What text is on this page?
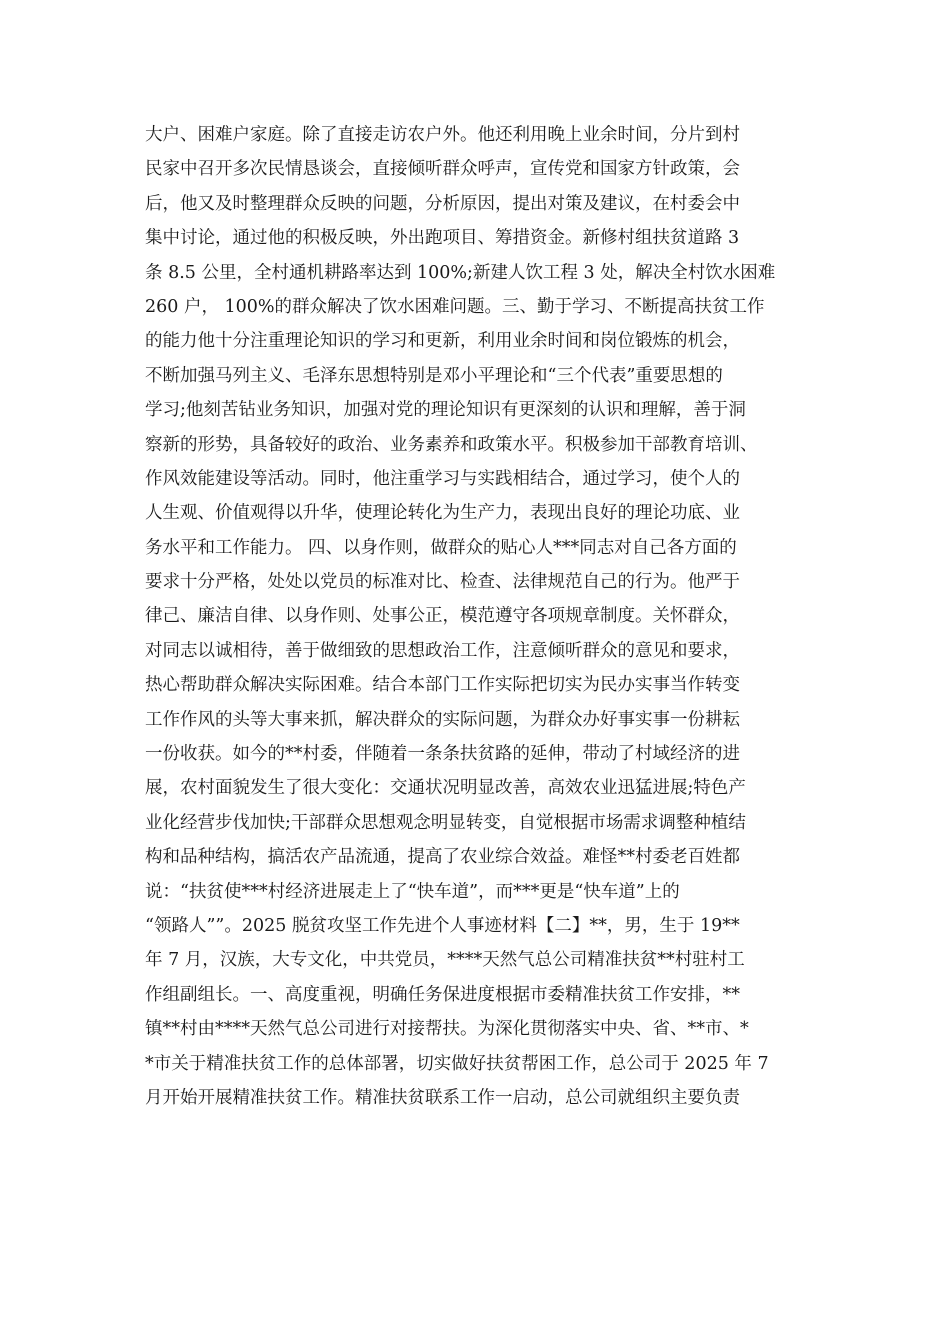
大户、困难户家庭。除了直接走访农户外。他还利用晚上业余时间，分片到村
民家中召开多次民情恳谈会，直接倾听群众呼声，宣传党和国家方针政策，会
后，他又及时整理群众反映的问题，分析原因，提出对策及建议，在村委会中
集中讨论，通过他的积极反映，外出跑项目、筹措资金。新修村组扶贫道路 3
条 8.5 公里，全村通机耕路率达到 100%;新建人饮工程 3 处，解决全村饮水困难
260 户， 100%的群众解决了饮水困难问题。三、勤于学习、不断提高扶贫工作
的能力他十分注重理论知识的学习和更新，利用业余时间和岗位锻炼的机会，
不断加强马列主义、毛泽东思想特别是邓小平理论和“三个代表”重要思想的
学习;他刻苦钻业务知识，加强对党的理论知识有更深刻的认识和理解，善于洞
察新的形势，具备较好的政治、业务素养和政策水平。积极参加干部教育培训、
作风效能建设等活动。同时，他注重学习与实践相结合，通过学习，使个人的
人生观、价值观得以升华，使理论转化为生产力，表现出良好的理论功底、业
务水平和工作能力。 四、以身作则，做群众的贴心人***同志对自己各方面的
要求十分严格，处处以党员的标准对比、检查、法律规范自己的行为。他严于
律己、廉洁自律、以身作则、处事公正，模范遵守各项规章制度。关怀群众，
对同志以诚相待，善于做细致的思想政治工作，注意倾听群众的意见和要求，
热心帮助群众解决实际困难。结合本部门工作实际把切实为民办实事当作转变
工作作风的头等大事来抓，解决群众的实际问题，为群众办好事实事一份耕耘
一份收获。如今的**村委，伴随着一条条扶贫路的延伸，带动了村域经济的进
展，农村面貌发生了很大变化：交通状况明显改善，高效农业迅猛进展;特色产
业化经营步伐加快;干部群众思想观念明显转变，自觉根据市场需求调整种植结
构和品种结构，搞活农产品流通，提高了农业综合效益。难怪**村委老百姓都
说：“扶贫使***村经济进展走上了“快车道”，而***更是“快车道”上的
“领路人””。2025 脱贫攻坚工作先进个人事迹材料【二】**，男，生于 19**
年 7 月，汉族，大专文化，中共党员，****天然气总公司精准扶贫**村驻村工
作组副组长。一、高度重视，明确任务保进度根据市委精准扶贫工作安排，**
镇**村由****天然气总公司进行对接帮扶。为深化贯彻落实中央、省、**市、*
*市关于精准扶贫工作的总体部署，切实做好扶贫帮困工作，总公司于 2025 年 7
月开始开展精准扶贫工作。精准扶贫联系工作一启动，总公司就组织主要负责
